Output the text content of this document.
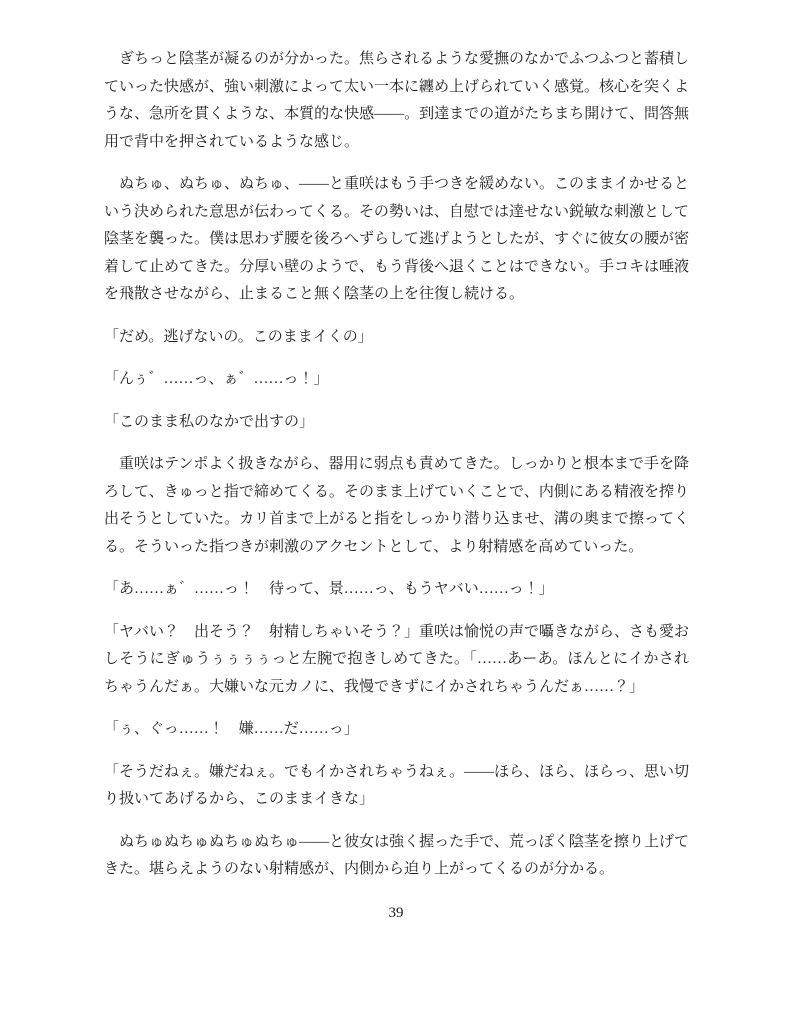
　ぎちっと陰茎が凝るのが分かった。焦らされるような愛撫のなかでふつふつと蓄積していった快感が、強い刺激によって太い一本に纏め上げられていく感覚。核心を突くような、急所を貫くような、本質的な快感――。到達までの道がたちまち開けて、問答無用で背中を押されているような感じ。

　ぬちゅ、ぬちゅ、ぬちゅ、――と重咲はもう手つきを緩めない。このままイかせるという決められた意思が伝わってくる。その勢いは、自慰では達せない鋭敏な刺激として陰茎を襲った。僕は思わず腰を後ろへずらして逃げようとしたが、すぐに彼女の腰が密着して止めてきた。分厚い壁のようで、もう背後へ退くことはできない。手コキは唾液を飛散させながら、止まること無く陰茎の上を往復し続ける。

「だめ。逃げないの。このままイくの」

「んぅ゛……っ、ぁ゛……っ！」

「このまま私のなかで出すの」

　重咲はテンポよく扱きながら、器用に弱点も責めてきた。しっかりと根本まで手を降ろして、きゅっと指で締めてくる。そのまま上げていくことで、内側にある精液を搾り出そうとしていた。カリ首まで上がると指をしっかり潜り込ませ、溝の奥まで擦ってくる。そういった指つきが刺激のアクセントとして、より射精感を高めていった。

「あ……ぁ゛……っ！　待って、景……っ、もうヤバい……っ！」

「ヤバい？　出そう？　射精しちゃいそう？」重咲は愉悦の声で囁きながら、さも愛おしそうにぎゅうぅぅぅぅっと左腕で抱きしめてきた。「……あーあ。ほんとにイかされちゃうんだぁ。大嫌いな元カノに、我慢できずにイかされちゃうんだぁ……？」

「ぅ、ぐっ……！　嫌……だ……っ」

「そうだねぇ。嫌だねぇ。でもイかされちゃうねぇ。――ほら、ほら、ほらっ、思い切り扱いてあげるから、このままイきな」

　ぬちゅぬちゅぬちゅぬちゅ――と彼女は強く握った手で、荒っぽく陰茎を擦り上げてきた。堪らえようのない射精感が、内側から迫り上がってくるのが分かる。

39
